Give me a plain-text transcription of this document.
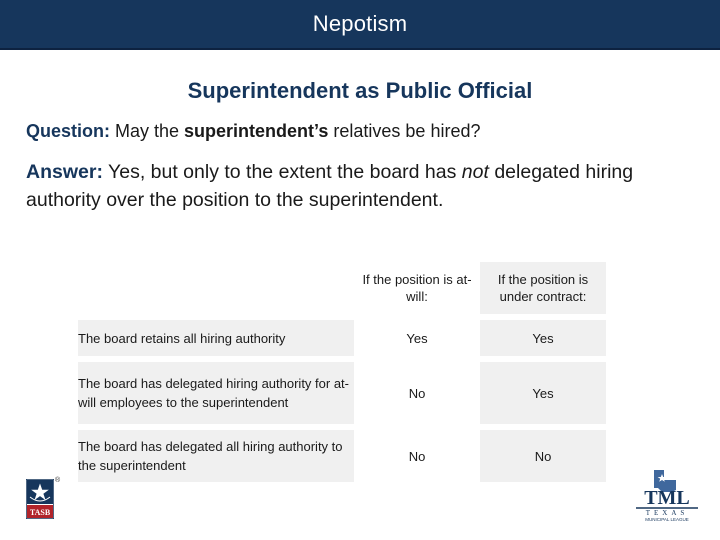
Nepotism
Superintendent as Public Official
Question: May the superintendent’s relatives be hired?
Answer: Yes, but only to the extent the board has not delegated hiring authority over the position to the superintendent.
	If the position is at-will:	If the position is under contract:

The board retains all hiring authority	Yes	Yes

The board has delegated hiring authority for at-will employees to the superintendent	No	Yes

The board has delegated all hiring authority to the superintendent	No	No
TASB
®
TML
TEXAS
MUNICIPAL LEAGUE
